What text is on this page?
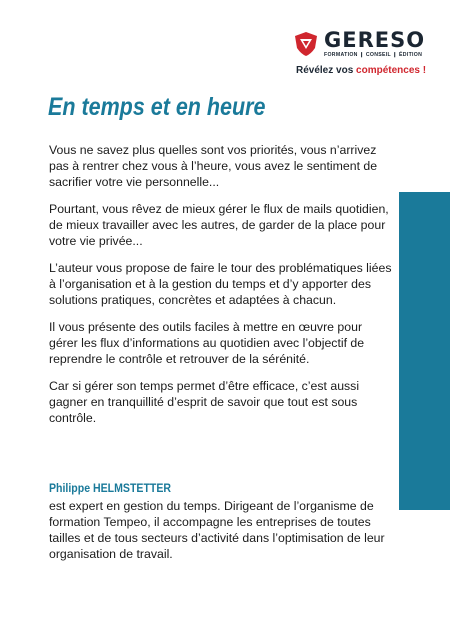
GERESO
FORMATION ❙ CONSEIL ❙ ÉDITION
Révélez vos compétences !
En temps et en heure

Vous ne savez plus quelles sont vos priorités, vous n’arrivez pas à rentrer chez vous à l’heure, vous avez le sentiment de sacrifier votre vie personnelle...

Pourtant, vous rêvez de mieux gérer le flux de mails quotidien, de mieux travailler avec les autres, de garder de la place pour votre vie privée...

L’auteur vous propose de faire le tour des problématiques liées à l’organisation et à la gestion du temps et d’y apporter des solutions pratiques, concrètes et adaptées à chacun.

Il vous présente des outils faciles à mettre en œuvre pour gérer les flux d’informations au quotidien avec l’objectif de reprendre le contrôle et retrouver de la sérénité.

Car si gérer son temps permet d’être efficace, c’est aussi gagner en tranquillité d’esprit de savoir que tout est sous contrôle.

Philippe HELMSTETTER
est expert en gestion du temps. Dirigeant de l’organisme de formation Tempeo, il accompagne les entreprises de toutes tailles et de tous secteurs d’activité dans l’optimisation de leur organisation de travail.
